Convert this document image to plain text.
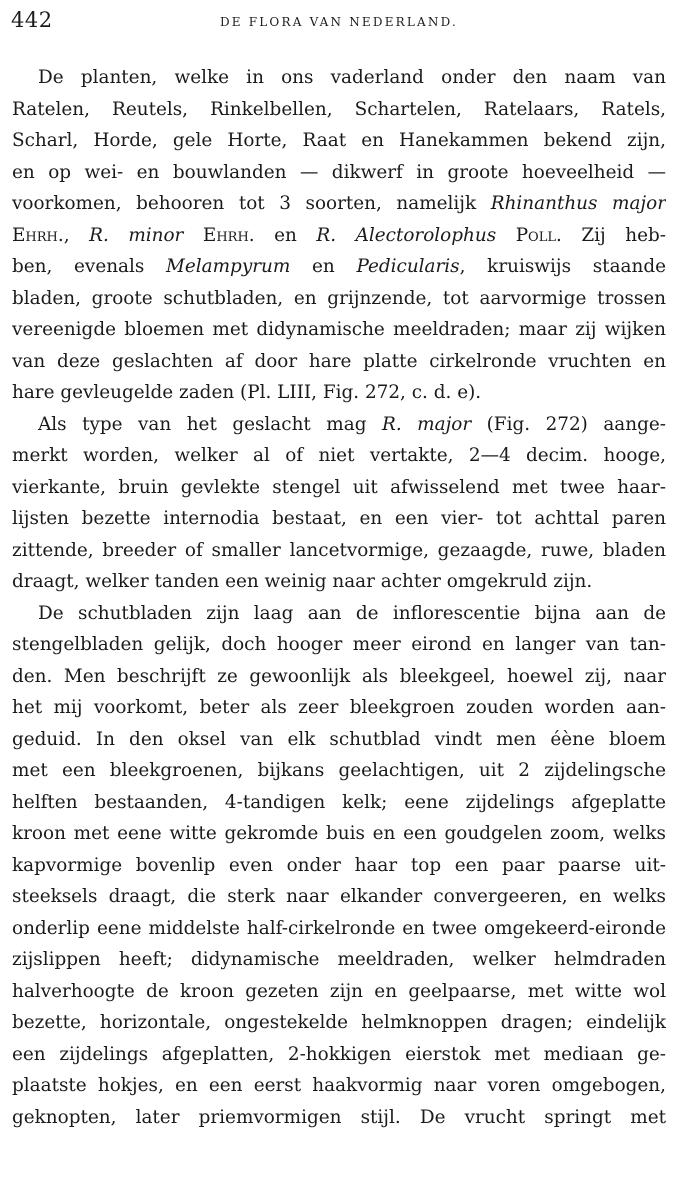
442	DE FLORA VAN NEDERLAND.
De planten, welke in ons vaderland onder den naam van
Ratelen, Reutels, Rinkelbellen, Schartelen, Ratelaars, Ratels,
Scharl, Horde, gele Horte, Raat en Hanekammen bekend zijn,
en op wei- en bouwlanden — dikwerf in groote hoeveelheid —
voorkomen, behooren tot 3 soorten, namelijk Rhinanthus major
Ehrh., R. minor Ehrh. en R. Alectorolophus Poll. Zij heb-
ben, evenals Melampyrum en Pedicularis, kruiswijs staande
bladen, groote schutbladen, en grijnzende, tot aarvormige trossen
vereenigde bloemen met didynamische meeldraden; maar zij wijken
van deze geslachten af door hare platte cirkelronde vruchten en
hare gevleugelde zaden (Pl. LIII, Fig. 272, c. d. e).
Als type van het geslacht mag R. major (Fig. 272) aange-
merkt worden, welker al of niet vertakte, 2—4 decim. hooge,
vierkante, bruin gevlekte stengel uit afwisselend met twee haar-
lijsten bezette internodia bestaat, en een vier- tot achttal paren
zittende, breeder of smaller lancetvormige, gezaagde, ruwe, bladen
draagt, welker tanden een weinig naar achter omgekruld zijn.
De schutbladen zijn laag aan de inflorescentie bijna aan de
stengelbladen gelijk, doch hooger meer eirond en langer van tan-
den. Men beschrijft ze gewoonlijk als bleekgeel, hoewel zij, naar
het mij voorkomt, beter als zeer bleekgroen zouden worden aan-
geduid. In den oksel van elk schutblad vindt men éène bloem
met een bleekgroenen, bijkans geelachtigen, uit 2 zijdelingsche
helften bestaanden, 4-tandigen kelk; eene zijdelings afgeplatte
kroon met eene witte gekromde buis en een goudgelen zoom, welks
kapvormige bovenlip even onder haar top een paar paarse uit-
steeksels draagt, die sterk naar elkander convergeeren, en welks
onderlip eene middelste half-cirkelronde en twee omgekeerd-eironde
zijslippen heeft; didynamische meeldraden, welker helmdraden
halverhoogte de kroon gezeten zijn en geelpaarse, met witte wol
bezette, horizontale, ongestekelde helmknoppen dragen; eindelijk
een zijdelings afgeplatten, 2-hokkigen eierstok met mediaan ge-
plaatste hokjes, en een eerst haakvormig naar voren omgebogen,
geknopten, later priemvormigen stijl. De vrucht springt met
